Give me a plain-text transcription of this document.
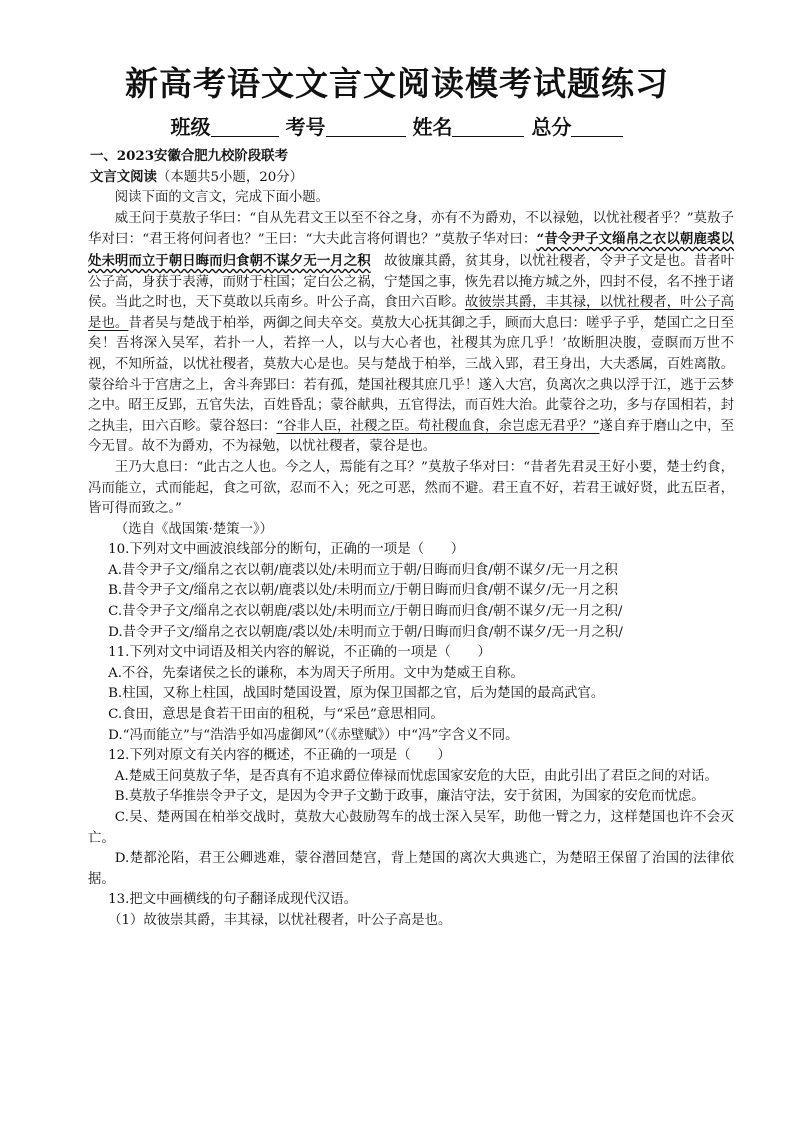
新高考语文文言文阅读模考试题练习
班级	考号	姓名	总分

一、2023安徽合肥九校阶段联考

文言文阅读（本题共5小题，20分）

阅读下面的文言文，完成下面小题。

威王问于莫敖子华曰：“自从先君文王以至不谷之身，亦有不为爵劝，不以禄勉，以忧社稷者乎？”莫敖子华对曰：“君王将何问者也？”王曰：“大夫此言将何谓也？”莫敖子华对曰：“昔令尹子文缁帛之衣以朝鹿裘以处未明而立于朝日晦而归食朝不谋夕无一月之积　故彼廉其爵，贫其身，以忧社稷者，令尹子文是也。昔者叶公子高，身获于表薄，而财于柱国；定白公之祸，宁楚国之事，恢先君以掩方城之外，四封不侵，名不挫于诸侯。当此之时也，天下莫敢以兵南乡。叶公子高，食田六百畛。故彼崇其爵，丰其禄，以忧社稷者，叶公子高是也。昔者吴与楚战于柏举，两御之间夫卒交。莫敖大心抚其御之手，顾而大息曰：嗟乎子乎，楚国亡之日至矣！吾将深入吴军，若扑一人，若捽一人，以与大心者也，社稷其为庶几乎！’故断胆决腹，壹瞑而万世不视，不知所益，以忧社稷者，莫敖大心是也。吴与楚战于柏举，三战入郢，君王身出，大夫悉属，百姓离散。蒙谷给斗于宫唐之上，舍斗奔郢曰：若有孤，楚国社稷其庶几乎！遂入大宫，负离次之典以浮于江，逃于云梦之中。昭王反郢，五官失法，百姓昏乱；蒙谷献典，五官得法，而百姓大治。此蒙谷之功，多与存国相若，封之执圭，田六百畛。蒙谷怒曰：“谷非人臣，社稷之臣。苟社稷血食，余岂虑无君乎？”遂自弃于磨山之中，至今无冒。故不为爵劝，不为禄勉，以忧社稷者，蒙谷是也。

王乃大息曰：“此古之人也。今之人，焉能有之耳？”莫敖子华对曰：“昔者先君灵王好小要，楚士约食，冯而能立，式而能起，食之可欲，忍而不入；死之可恶，然而不避。君王直不好，若君王诚好贤，此五臣者，皆可得而致之。”

（选自《战国策·楚策一》）

10.下列对文中画波浪线部分的断句，正确的一项是（　　）

A.昔令尹子文/缁帛之衣以朝/鹿裘以处/未明而立于朝/日晦而归食/朝不谋夕/无一月之积

B.昔令尹子文/缁帛之衣以朝/鹿裘以处/未明而立/于朝日晦而归食/朝不谋夕/无一月之积

C.昔令尹子文/缁帛之衣以朝鹿/裘以处/未明而立/于朝日晦而归食/朝不谋夕/无一月之积/

D.昔令尹子文/缁帛之衣以朝鹿/裘以处/未明而立于朝/日晦而归食/朝不谋夕/无一月之积/

11.下列对文中词语及相关内容的解说，不正确的一项是（　　）

A.不谷，先秦诸侯之长的谦称，本为周天子所用。文中为楚威王自称。

B.柱国，又称上柱国，战国时楚国设置，原为保卫国都之官，后为楚国的最高武官。

C.食田，意思是食若干田亩的租税，与“采邑”意思相同。

D.“冯而能立”与“浩浩乎如冯虚御风”（《赤壁赋》）中“冯”字含义不同。

12.下列对原文有关内容的概述，不正确的一项是（　　）

A.楚威王问莫敖子华，是否真有不追求爵位俸禄而忧虑国家安危的大臣，由此引出了君臣之间的对话。

B.莫敖子华推崇令尹子文，是因为令尹子文勤于政事，廉洁守法，安于贫困，为国家的安危而忧虑。

C.吴、楚两国在柏举交战时，莫敖大心鼓励驾车的战士深入吴军，助他一臂之力，这样楚国也许不会灭亡。

D.楚都沦陷，君王公卿逃难，蒙谷潜回楚宫，背上楚国的离次大典逃亡，为楚昭王保留了治国的法律依据。

13.把文中画横线的句子翻译成现代汉语。

（1）故彼崇其爵，丰其禄，以忧社稷者，叶公子高是也。
